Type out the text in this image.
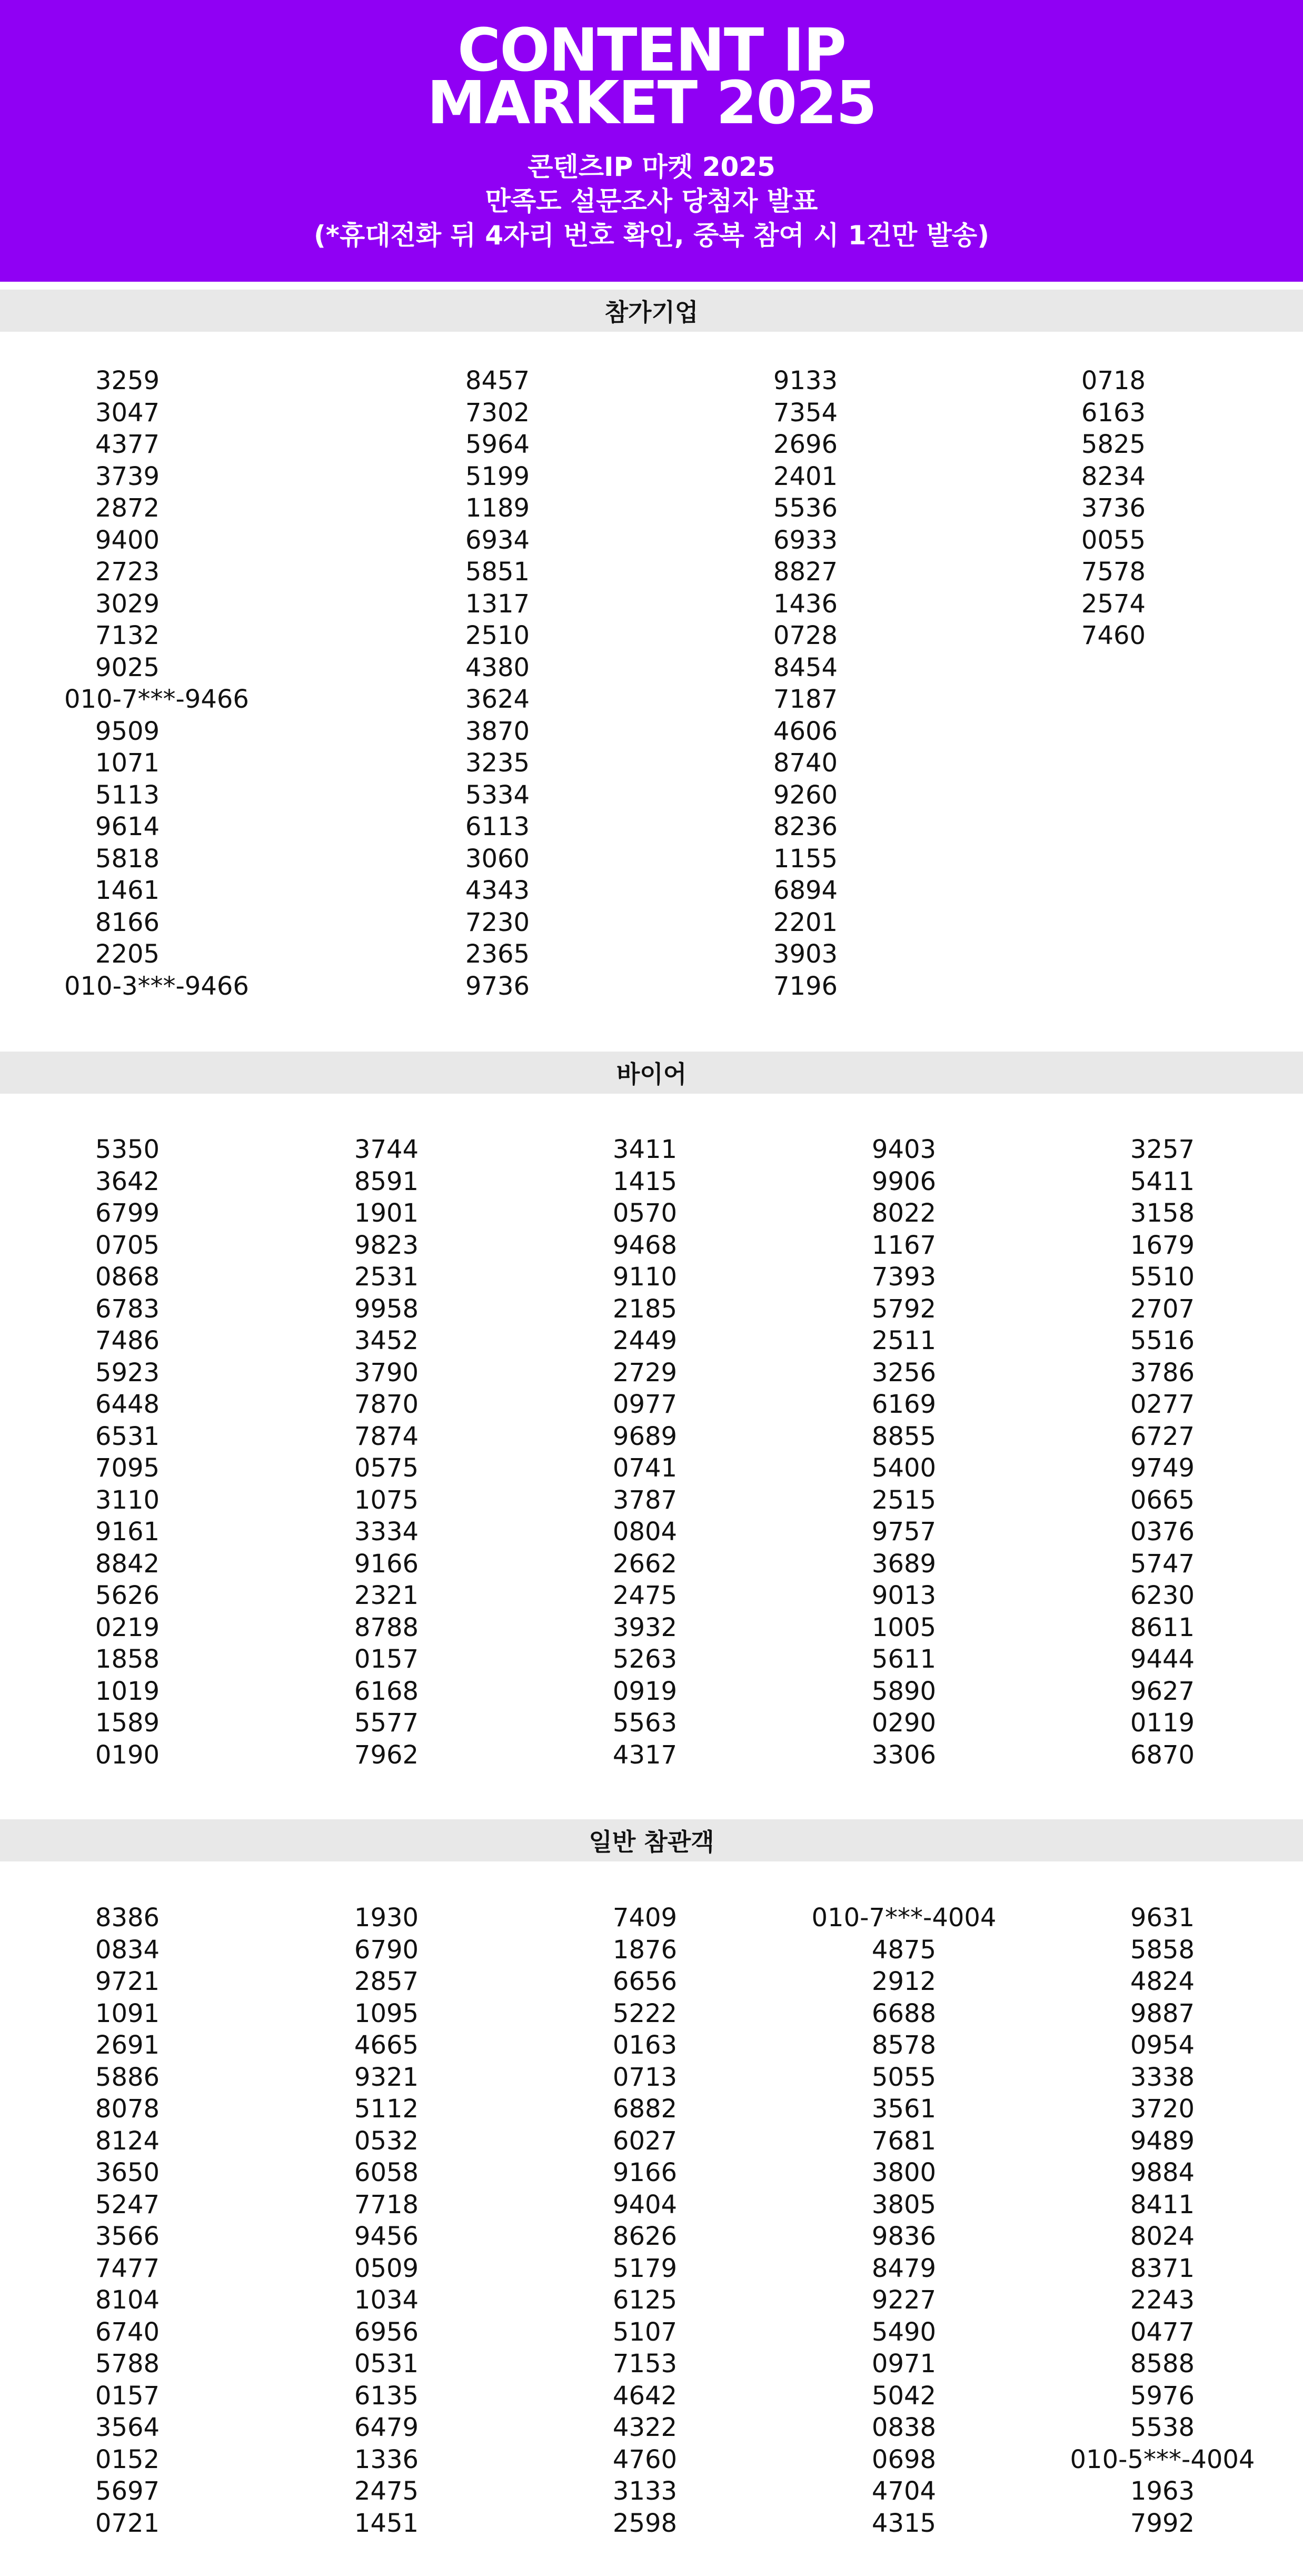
CONTENT IP
MARKET 2025
콘텐츠IP 마켓 2025
만족도 설문조사 당첨자 발표
(*휴대전화 뒤 4자리 번호 확인, 중복 참여 시 1건만 발송)
참가기업
3259
3047
4377
3739
2872
9400
2723
3029
7132
9025
010-7***-9466
9509
1071
5113
9614
5818
1461
8166
2205
010-3***-9466
8457
7302
5964
5199
1189
6934
5851
1317
2510
4380
3624
3870
3235
5334
6113
3060
4343
7230
2365
9736
9133
7354
2696
2401
5536
6933
8827
1436
0728
8454
7187
4606
8740
9260
8236
1155
6894
2201
3903
7196
0718
6163
5825
8234
3736
0055
7578
2574
7460
바이어
5350
3642
6799
0705
0868
6783
7486
5923
6448
6531
7095
3110
9161
8842
5626
0219
1858
1019
1589
0190
3744
8591
1901
9823
2531
9958
3452
3790
7870
7874
0575
1075
3334
9166
2321
8788
0157
6168
5577
7962
3411
1415
0570
9468
9110
2185
2449
2729
0977
9689
0741
3787
0804
2662
2475
3932
5263
0919
5563
4317
9403
9906
8022
1167
7393
5792
2511
3256
6169
8855
5400
2515
9757
3689
9013
1005
5611
5890
0290
3306
3257
5411
3158
1679
5510
2707
5516
3786
0277
6727
9749
0665
0376
5747
6230
8611
9444
9627
0119
6870
일반 참관객
8386
0834
9721
1091
2691
5886
8078
8124
3650
5247
3566
7477
8104
6740
5788
0157
3564
0152
5697
0721
1930
6790
2857
1095
4665
9321
5112
0532
6058
7718
9456
0509
1034
6956
0531
6135
6479
1336
2475
1451
7409
1876
6656
5222
0163
0713
6882
6027
9166
9404
8626
5179
6125
5107
7153
4642
4322
4760
3133
2598
010-7***-4004
4875
2912
6688
8578
5055
3561
7681
3800
3805
9836
8479
9227
5490
0971
5042
0838
0698
4704
4315
9631
5858
4824
9887
0954
3338
3720
9489
9884
8411
8024
8371
2243
0477
8588
5976
5538
010-5***-4004
1963
7992
